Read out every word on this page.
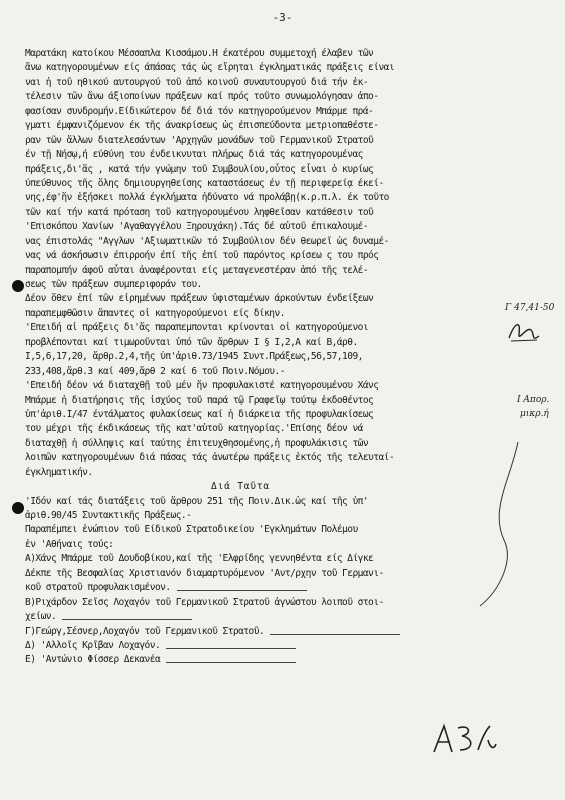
-3-
Μαρατάκη κατοίκου Μέσσαπλα Κισσάμου.Η έκατέρου συμμετοχή έλαβεν τῶν
ἄνω κατηγορουμένων είς άπάσας τάς ὡς εἴρηται έγκληματικάς πράξεις είναι
ναι ἡ τοῦ ηθικού αυτουργού τοῦ ἀπό κοινοῦ συναυτουργού διά τήν ἐκ-
τέλεσιν τῶν ἄνω άξιοποίνων πράξεων καί πρός τοῦτο συνωμολόγησαν ἀπο-
φασίσαν συνδρομήν.Είδικώτερον δέ διά τόν κατηγορούμενον Μπάρμε πρά-
γματι έμφανιζόμενον έκ τῆς άνακρίσεως ὡς έπισπεύδοντα μετριοπαθέστε-
ραν τῶν ἄλλων διατελεσάντων 'Αρχηγῶν μονάδων τοῦ Γερμανικοῦ Στρατοῦ
έν τῇ Νήσῳ,ή εύθύνη του ένδεικνυται πλήρως διά τάς κατηγορουμένας
πράξεις,δι'ἅς , κατά τήν γνώμην τοῦ Συμβουλίου,οὗτος εἶναι ὁ κυρίως
ύπεύθυνος τῆς ὅλης δημιουργηθείσης καταστάσεως έν τῇ περιφερείᾳ έκεί-
νης,έφ'ἥν ἐξήσκει πολλά έγκλήματα ἡδύνατο νά προλάβῃ(κ.ρ.π.λ. έκ τοῦτο
τῶν καί τήν κατά πρόταση τοῦ κατηγορουμένου ληφθεῖσαν κατάθεσιν τοῦ
'Επισκόπου Χανίων 'Αγαθαγγέλου Ξηρουχάκη).Τάς δέ αὐτοῦ έπικαλουμέ-
νας έπιστολάς "Αγγλων 'Αξιωματικῶν τό Συμβούλιον δέν θεωρεῖ ὡς δυναμέ-
νας νά άσκήσωσιν έπιρροήν έπί τῆς ἐπί τοῦ παρόντος κρίσεω ς του πρός
παραπομπήν άφοῦ αὗται ἀναφέρονται είς μεταγενεστέραν ἀπό τῆς τελέ-
σεως τῶν πράξεων συμπεριφοράν του.
Δέον ὅθεν ἐπί τῶν εἰρημένων πράξεων ὑφισταμένων άρκούντων ένδείξεων
παραπεμφθῶσιν ἅπαντες οἱ κατηγορούμενοι είς δίκην.
'Επειδή αἱ πράξεις δι'ἅς παραπεμπονται κρίνονται οἱ κατηγορούμενοι
προβλέπονται καί τιμωροῦνται ὑπό τῶν ἄρθρων Ι § Ι,2,Α καί Β,άρθ.
Ι,5,6,17,20, ἄρθρ.2,4,τῆς ὑπ'ἀριθ.73/1945 Συντ.Πράξεως,56,57,109,
233,408,ἄρθ.3 καί 409,ἄρθ 2 καί 6 τοῦ Ποιν.Νόμου.-
'Επειδή δέον νά διαταχθῇ τοῦ μέν ἥν προφυλακιστέ κατηγορουμένου Χάνς
Μπάρμε ἡ διατήρησις τῆς ἰσχύος τοῦ παρά τῷ Γραφεῖῳ τούτῳ ἐκδοθέντος
ὑπ'ἀριθ.Ι/47 έντάλματος φυλακίσεως καί ἡ διάρκεια τῆς προφυλακίσεως
του μέχρι τῆς έκδικάσεως τῆς κατ'αὐτοῦ κατηγορίας.'Επίσης δέον νά
διαταχθῇ ἡ σύλληψις καί ταύτης ἐπιτευχθησομένης,ἡ προφυλάκισις τῶν
λοιπῶν κατηγορουμένων διά πάσας τάς ἀνωτέρω πράξεις ἐκτός τῆς τελευταί-
έγκληματικήν.
Διά Ταῦτα
'Ιδόν καί τάς διατάξεις τοῦ ἄρθρου 251 τῆς Ποιν.Δικ.ὡς καί τῆς ὑπ'
ἀριθ.90/45 Συντακτικῆς Πράξεως.-
Παραπέμπει ἐνώπιον τοῦ Είδικοῦ Στρατοδικείου 'Εγκλημάτων Πολέμου
ἐν 'Αθήναις τούς:
Α)Χάνς Μπάρμε τοῦ Δουδοβίκου,καί τῆς 'Ελφρίδης γεννηθέντα είς Δίγκε
Δέκπε τῆς Βεσφαλίας Χριστιανόν διαμαρτυρόμενον 'Αντ/ρχην τοῦ Γερμανι-
κοῦ στρατοῦ προφυλακισμένον.
Β)Ριχάρδον Σεῖσς Λοχαγόν τοῦ Γερμανικοῦ Στρατοῦ ἀγνώστου λοιποῦ στοι-
χείων.
Γ)Γεώργ,Σέσνερ,Λοχαγόν τοῦ Γερμανικοῦ Στρατοῦ.
Δ) 'Αλλοῖς Κρῖβαν Λοχαγόν.
Ε) 'Αντώνιο Φίσσερ Δεκανέα
Γ 47,41-50
Ι Απορ.
μικρ.ή
